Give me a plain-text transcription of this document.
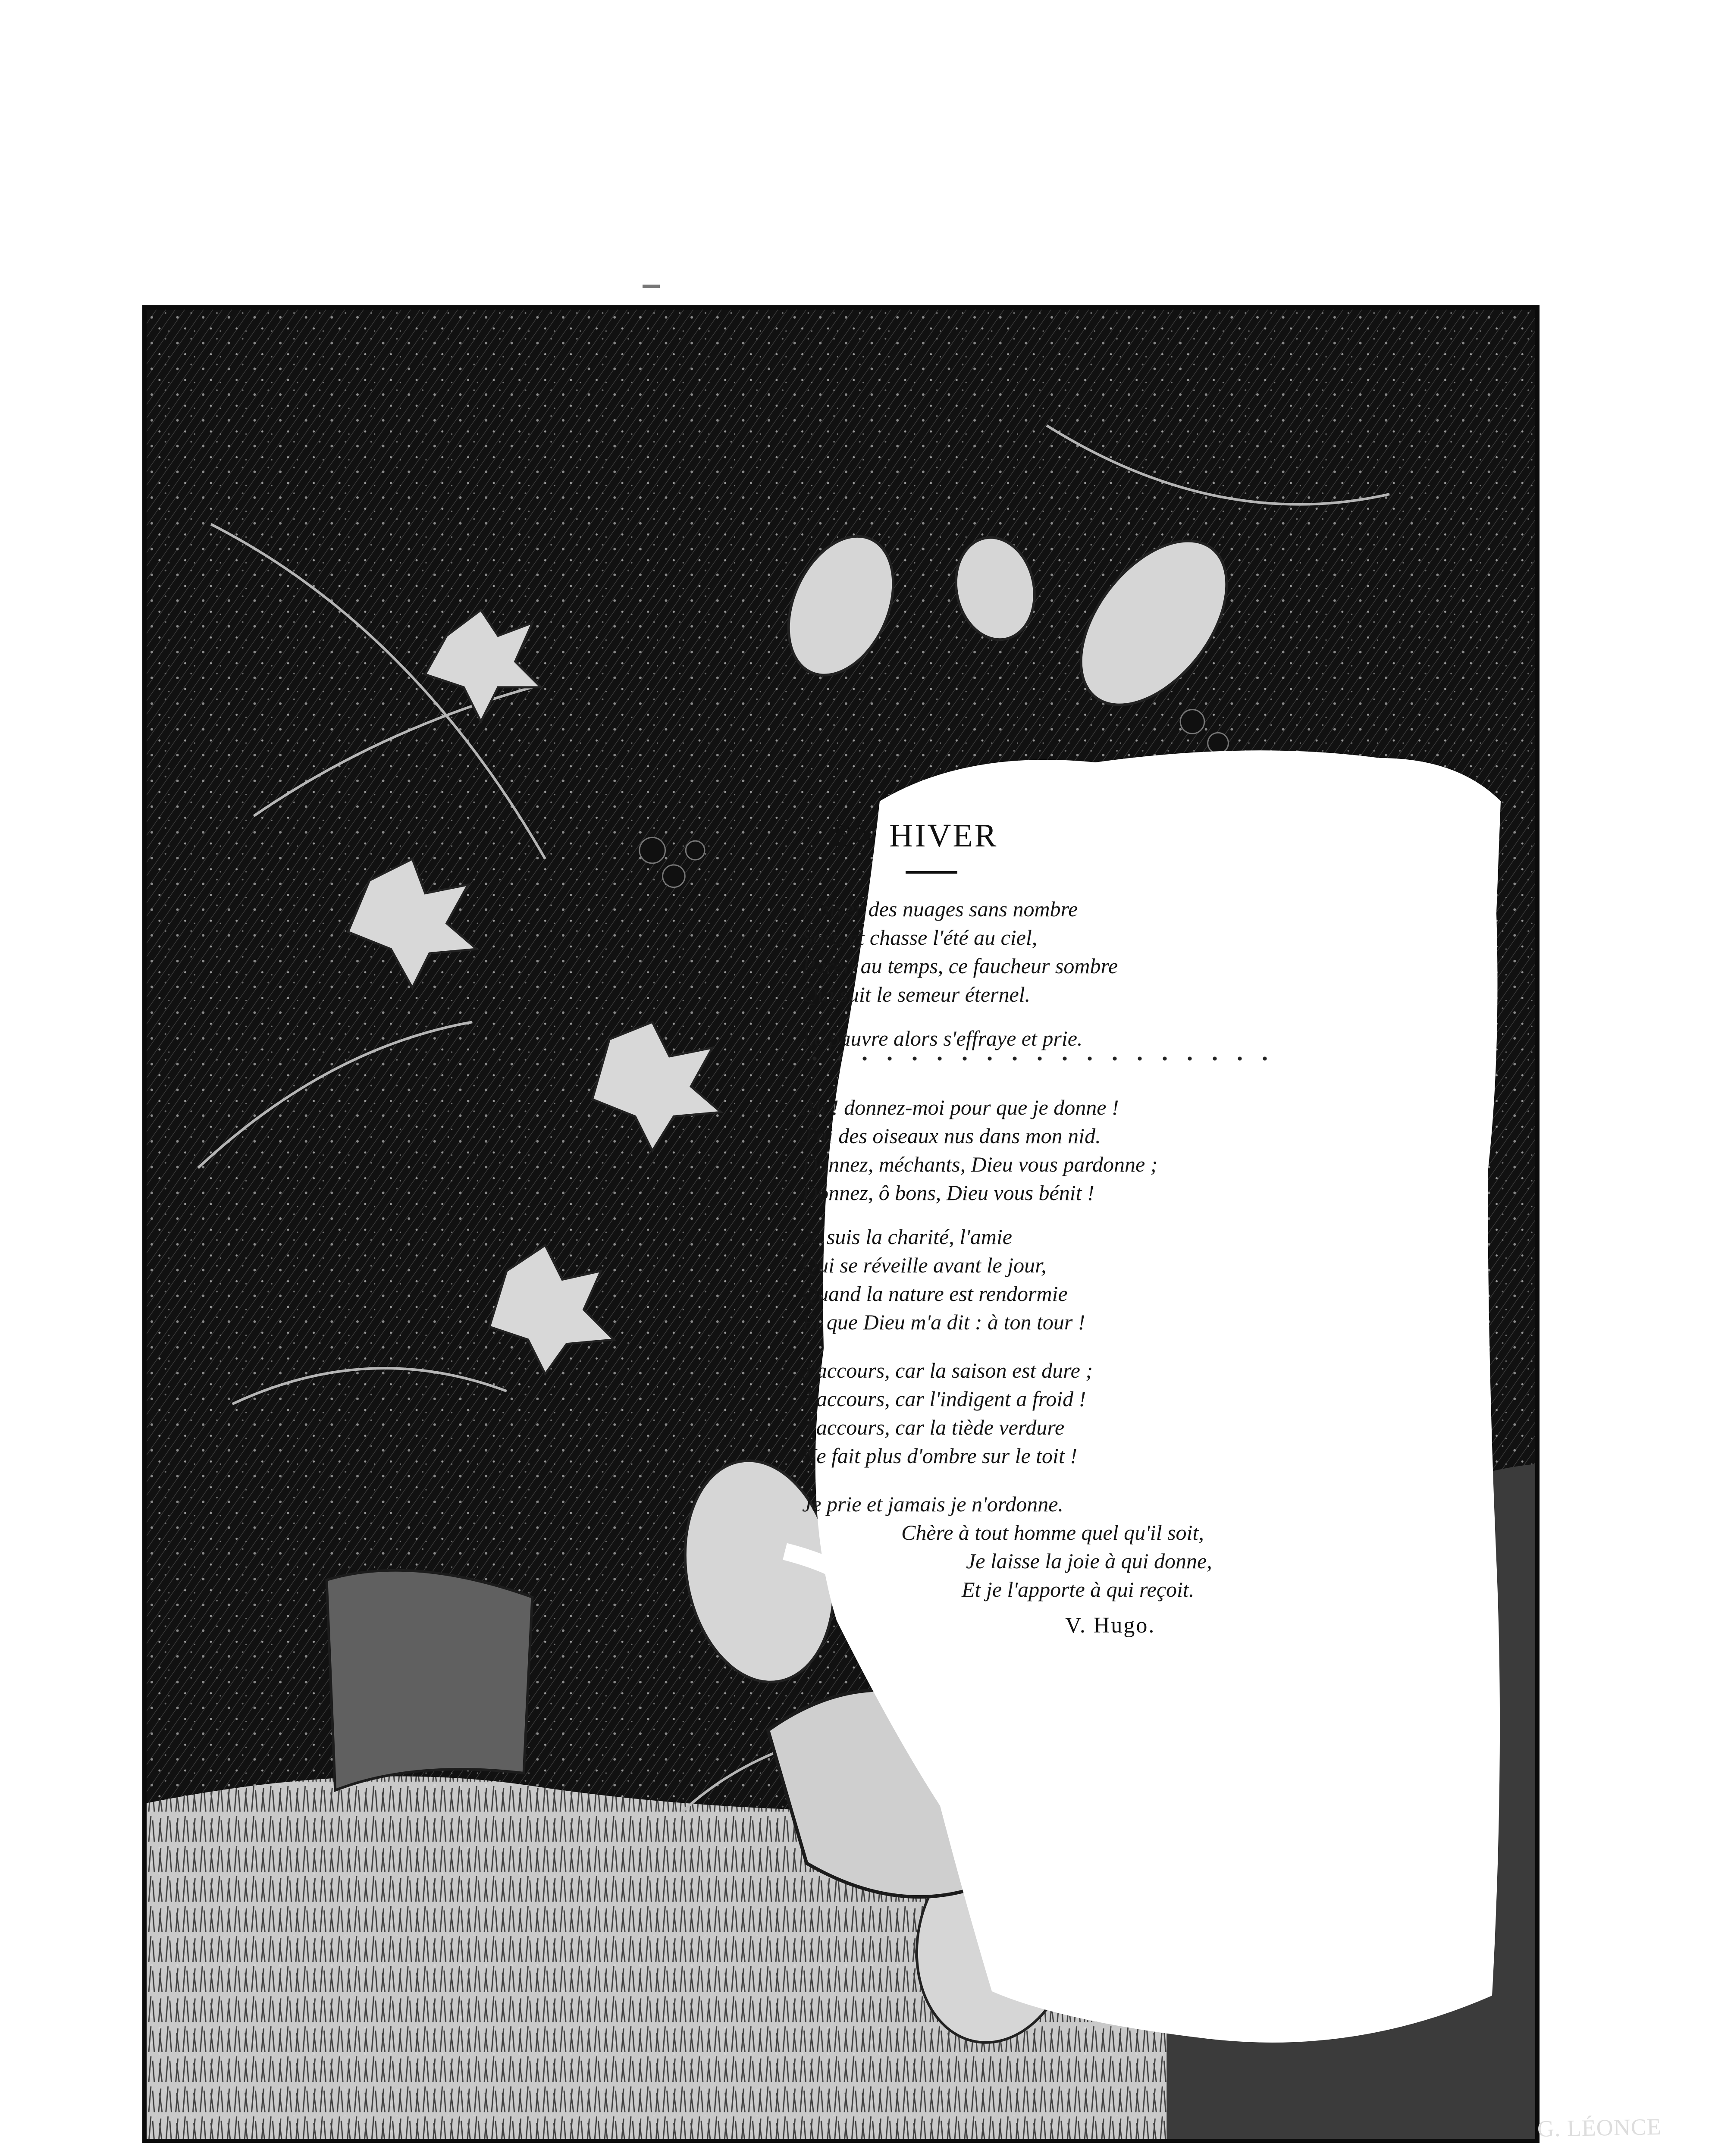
G. LÉONCE
EN HIVER
L'hiver des nuages sans nombre
Sort, et chasse l'été au ciel,
Pareil au temps, ce faucheur sombre
Qui suit le semeur éternel.
Le pauvre alors s'effraye et prie.
Ah ! donnez-moi pour que je donne !
J'ai des oiseaux nus dans mon nid.
Donnez, méchants, Dieu vous pardonne ;
Donnez, ô bons, Dieu vous bénit !
Je suis la charité, l'amie
Qui se réveille avant le jour,
Quand la nature est rendormie
Et que Dieu m'a dit : à ton tour !
J'accours, car la saison est dure ;
J'accours, car l'indigent a froid !
J'accours, car la tiède verdure
Ne fait plus d'ombre sur le toit !
Je prie et jamais je n'ordonne.
Chère à tout homme quel qu'il soit,
Je laisse la joie à qui donne,
Et je l'apporte à qui reçoit.
V. Hugo.
